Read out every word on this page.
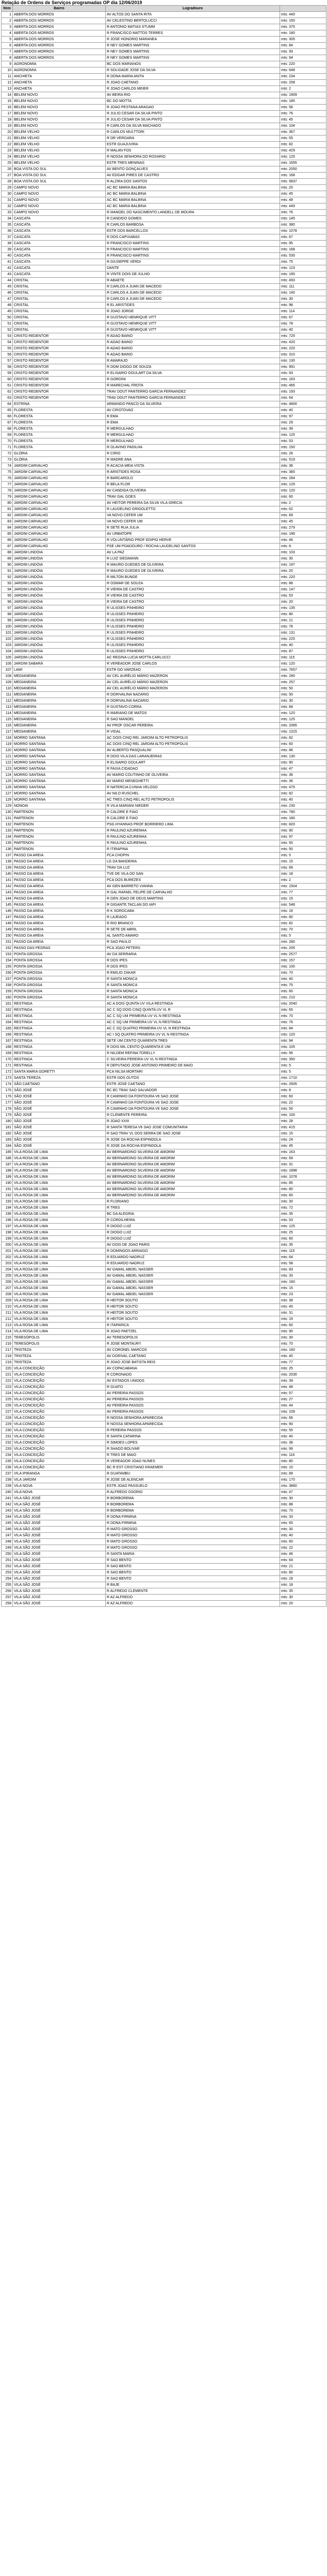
Relação de Ordens de Serviços programadas OP dia 12/06/2019
Item	Bairro	Logradouro	
1	ABERTA DOS MORROS	AV ALTOS DO SANTA RITA	mts: 440
2	ABERTA DOS MORROS	AV CELESTINO BERTOLUCCI	mts: 150
3	ABERTA DOS MORROS	R ANTONIO MATIAS STUMM	mts: 375
4	ABERTA DOS MORROS	R FRANCISCO MATTOS TERRES	mts: 180
5	ABERTA DOS MORROS	R JOSE HONORIO MARANEA	mts: 305
6	ABERTA DOS MORROS	R NEY GOMES MARTINS	mts: 84
7	ABERTA DOS MORROS	R NEY GOMES MARTINS	mts: 93
8	ABERTA DOS MORROS	R NEY GOMES MARTINS	mts: 94
9	AGRONOMIA	BC DOS MARIANOS	mts: 220
10	AGRONOMIA	R SOLIDADE JOSE DA SILVA	mts: 648
11	ANCHIETA	R DONA MARIA ANITA	mts: 234
12	ANCHIETA	R JOAO CAETANO	mts: 208
13	ANCHIETA	R JOAO CARLOS MEIER	mts: 2
14	BELEM NOVO	AV BEIRA RIO	mts: 1909
15	BELEM NOVO	BC DO MOTTA	mts: 185
16	BELEM NOVO	R JOAO PESTANA ARAGAO	mts: 58
17	BELEM NOVO	R JULIO CESAR DA SILVA PINTO	mts: 76
18	BELEM NOVO	R JULIO CESAR DA SILVA PINTO	mts: 45
19	BELEM NOVO	R CARLOS DA SILVA MACHADO	mts: 104
20	BELEM VELHO	R CARLOS MULTTORI	mts: 367
21	BELEM VELHO	R DR VERGARA	mts: 55
22	BELEM VELHO	ESTR GUAJUVIRA	mts: 82
23	BELEM VELHO	R MALAN FOS	mts: 429
24	BELEM VELHO	R NOSSA SENHORA DO ROSARIO	mts: 125
25	BELEM VELHO	ESTR TRES MENINAS	mts: 1655
26	BOA VISTA DO SUL	AV BENTO GONÇALVES	mts: 2050
27	BOA VISTA DO SUL	AV EDGAR PIRES DE CASTRO	mts: 168
28	BOA VISTA DO SUL	R ALZIRA DOS SANTOS	mts: 5837
29	CAMPO NOVO	AC BC MARIA BALBINA	mts: 20
30	CAMPO NOVO	AC BC MARIA BALBINA	mts: 45
31	CAMPO NOVO	AC BC MARIA BALBINA	mts: 48
32	CAMPO NOVO	AC BC MARIA BALBINA	mts: 449
33	CAMPO NOVO	R MANOEL DO NASCIMENTO LANDELL DE MOURA	mts: 76
34	CASCATA	R CANDIDO GOMES	mts: 145
35	CASCATA	R CARLOS BARBOSA	mts: 380
36	CASCATA	ESTR DOS BARCELLOS	mts: 1078
37	CASCATA	R DOS CAPIXABAS	mts: 67
38	CASCATA	R FRANCISCO MARTINS	mts: 95
39	CASCATA	R FRANCISCO MARTINS	mts: 168
40	CASCATA	R FRANCISCO MARTINS	mts: 530
41	CASCATA	R GIUSEPPE VERDI	mts: 75
42	CASCATA	DANTE	mts: 123
43	CASCATA	R VINTE DOIS DE JULHO	mts: 190
44	CRISTAL	R ABAETE	mts: 493
45	CRISTAL	R CARLOS A JUAN DE MACEDO	mts: 111
46	CRISTAL	R CARLOS A JUAN DE MACEDO	mts: 140
47	CRISTAL	R CARLOS A JUAN DE MACEDO	mts: 30
48	CRISTAL	R EL ARISTIDES	mts: 98
49	CRISTAL	R JOAO JORGE	mts: 114
50	CRISTAL	R GUSTAVO HENRIQUE VITT	mts: 67
51	CRISTAL	R GUSTAVO HENRIQUE VITT	mts: 78
52	CRISTAL	R GUSTAVO HENRIQUE VITT	mts: 40
53	CRISTO REDENTOR	R ADAO BAINO	mts: 725
54	CRISTO REDENTOR	R ADAO BAINO	mts: 420
55	CRISTO REDENTOR	R ADAO BAINO	mts: 220
56	CRISTO REDENTOR	R ADAO BAINO	mts: 310
57	CRISTO REDENTOR	R AMARAJO	mts: 130
58	CRISTO REDENTOR	R DOM DIOGO DE SOUZA	mts: 991
59	CRISTO REDENTOR	R ELISARIO GOULART DA SILVA	mts: 93
60	CRISTO REDENTOR	R GORDINI	mts: 163
61	CRISTO REDENTOR	R MARECHAL FROTA	mts: 465
62	CRISTO REDENTOR	TRAV DOUT PANTERRO GARCIA FERNANDEZ	mts: 193
63	CRISTO REDENTOR	TRAV DOUT PANTERRO GARCIA FERNANDEZ	mts: 64
64	ESTRINA	ARMANDO PANCO DA SILVEIRA	mts: 4800
65	FLORESTA	AV CRISTOVAO	mts: 40
66	FLORESTA	R EMA	mts: 97
67	FLORESTA	R EMA	mts: 29
68	FLORESTA	R MERGULHAO	mts: 39
69	FLORESTA	R MERGULHAO	mts: 125
70	FLORESTA	R MERGULHAO	mts: 53
71	FLORESTA	R OLAVINO PADILHA	mts: 150
72	GLÓRIA	R CIRIO	mts: 26
73	GLÓRIA	R MADRE ANA	mts: 519
74	JARDIM CARVALHO	R ACACIA MEIA VISTA	mts: 36
75	JARDIM CARVALHO	R ARISTIDES ROSA	mts: 365
76	JARDIM CARVALHO	R BARCAROLO	mts: 284
77	JARDIM CARVALHO	R BELA FLOR	mts: 129
78	JARDIM CARVALHO	AV CANDIDA OLIVEIRA	mts: 120
79	JARDIM CARVALHO	TRAV GAL GOES	mts: 60
80	JARDIM CARVALHO	AV HEITOR PEREIRA DA SILVA VILA GRECIA	mts: 2
81	JARDIM CARVALHO	R LAUDELINO GRIGOLETTO	mts: 62
82	JARDIM CARVALHO	VA NOVO CEFER UM	mts: 69
83	JARDIM CARVALHO	VA NOVO CEFER UM	mts: 45
84	JARDIM CARVALHO	R SETE RUA JULIA	mts: 279
85	JARDIM CARVALHO	AV URBATOPE	mts: 196
86	JARDIM CARVALHO	R VOLUNTÁRIO PROF EDIPIO HERVE	mts: 46
87	JARDIM CARVALHO	PSE UM POADOURO / ROCHA LAUDELINO SANTOS	mts: 8
88	JARDIM LINDÓIA	AV LA PAZ	mts: 103
89	JARDIM LINDÓIA	R LUIZ SIEGMANN	mts: 30
90	JARDIM LINDÓIA	R MAURO GUEDES DE OLIVEIRA	mts: 197
91	JARDIM LINDÓIA	R MAURO GUEDES DE OLIVEIRA	mts: 20
92	JARDIM LINDÓIA	R MILTON BUNGE	mts: 220
93	JARDIM LINDÓIA	R OSMAR DE SOUZA	mts: 88
94	JARDIM LINDÓIA	R VIEIRA DE CASTRO	mts: 147
95	JARDIM LINDÓIA	R VIEIRA DE CASTRO	mts: 53
96	JARDIM LINDÓIA	R VIEIRA DE CASTRO	mts: 20
97	JARDIM LINDÓIA	R ULISSES PINHEIRO	mts: 135
98	JARDIM LINDÓIA	R ULISSES PINHEIRO	mts: 80
99	JARDIM LINDÓIA	R ULISSES PINHEIRO	mts: 21
100	JARDIM LINDÓIA	R ULISSES PINHEIRO	mts: 78
101	JARDIM LINDÓIA	R ULISSES PINHEIRO	mts: 131
102	JARDIM LINDÓIA	R ULISSES PINHEIRO	mts: 225
103	JARDIM LINDÓIA	R ULISSES PINHEIRO	mts: 40
104	JARDIM LINDÓIA	R ULISSES PINHEIRO	mts: 87
105	JARDIM LINDÓIA	AC REGINA LUCIA MOTTA CARLUCCI	mts: 115
106	JARDIM SABARÁ	R VEREADOR JOSE CARLOS	mts: 120
107	LAMI	ESTR DO VARZEAO	mts: 7657
108	MEDIANEIRA	AV CEL AURÉLIO MÁRIO MAZERON	mts: 290
109	MEDIANEIRA	AV CEL AURÉLIO MÁRIO MAZERON	mts: 257
110	MEDIANEIRA	AV CEL AURÉLIO MÁRIO MAZERON	mts: 50
111	MEDIANEIRA	R DORIVALINA NAZARIO	mts: 50
112	MEDIANEIRA	R DORIVALINA NAZARIO	mts: 30
113	MEDIANEIRA	R GUSTAVO CORRA	mts: 84
114	MEDIANEIRA	R MARIANO DE MATOS	mts: 120
115	MEDIANEIRA	R SAO MANOEL	mts: 125
116	MEDIANEIRA	AV PROF OSCAR PEREIRA	mts: 2065
117	MEDIANEIRA	R VIDAL	mts: 1315
118	MORRO SANTANA	AC DOIS CINQ REL JARDIM ALTO PETROPOLIS	mts: 82
119	MORRO SANTANA	AC DOIS CINQ REL JARDIM ALTO PETROPOLIS	mts: 60
120	MORRO SANTANA	AV ALBERTO PASQUALINI	mts: 86
121	MORRO SANTANA	R DOIS VILA DAS LARANJEIRAS	mts: 130
122	MORRO SANTANA	R ELISARIO GOULART	mts: 90
123	MORRO SANTANA	R FAIXA CIDADAO	mts: 47
124	MORRO SANTANA	AV MARIO COUTINHO DE OLIVEIRA	mts: 36
125	MORRO SANTANA	AV MARIO MENEGHETTI	mts: 36
126	MORRO SANTANA	R NATERCIA CUNHA VELOSO	mts: 475
127	MORRO SANTANA	AV NILO RUSCHEL	mts: 82
128	MORRO SANTANA	AC TRES CINQ REL ALTO PETROPOLIS	mts: 40
129	NONOAI	R VILA MARIANI NIEDER	mts: 230
130	PARTENON	R CALDRE E FIAO	mts: 780
131	PARTENON	R CALDRE E FIAO	mts: 180
132	PARTENON	PSG HYANNAS PROF BORRIERO LIMA	mts: 820
133	PARTENON	R PAULINO AZURENHA	mts: 90
134	PARTENON	R PAULINO AZURENHA	mts: 97
135	PARTENON	R PAULINO AZURENHA	mts: 50
136	PARTENON	R ITIRAPINA	mts: 50
137	PASSO DA AREIA	PCA CHOPIN	mts: 5
138	PASSO DA AREIA	LG DA BANDEIRA	mts: 15
139	PASSO DA AREIA	TRAV DA LUZ	mts: 69
140	PASSO DA AREIA	TVE DE VILA DO SAN	mts: 18
141	PASSO DA AREIA	PCA DOS BUREZES	mts: 2
142	PASSO DA AREIA	AV GEN BARRETO VIANNA	mts: 1504
143	PASSO DA AREIA	R GAL RAFAEL FELIPE DE CARVALHO	mts: 77
144	PASSO DA AREIA	R GEN JOAO DE DEUS MARTINS	mts: 15
145	PASSO DA AREIA	R GIGANTE TACLAN DO IAPI	mts: 548
146	PASSO DA AREIA	R K SOROCABA	mts: 16
147	PASSO DA AREIA	R LAJEADO	mts: 80
148	PASSO DA AREIA	R RIO BRANCO	mts: 82
149	PASSO DA AREIA	R SETE DE ABRIL	mts: 70
150	PASSO DA AREIA	AL SANTO AMARO	mts: 5
151	PASSO DA AREIA	R SAO PAULO	mts: 280
152	PASSO DAS PEDRAS	PCA JOAO PETERS	mts: 205
153	PONTA GROSSA	AV DA SERRARIA	mts: 2577
154	PONTA GROSSA	R DOS IPES	mts: 157
155	PONTA GROSSA	R DOS IPES	mts: 100
156	PONTA GROSSA	R EMILIO ZAKAR	mts: 70
157	PONTA GROSSA	R SANTA MONICA	mts: 40
158	PONTA GROSSA	R SANTA MONICA	mts: 75
159	PONTA GROSSA	R SANTA MONICA	mts: 60
160	PONTA GROSSA	R SANTA MONICA	mts: 210
161	RESTINGA	AC A DOIS QUINTA UV VILA RESTINGA	mts: 2040
162	RESTINGA	AC C SQ DOIS CINQ QUINTA UV VL R	mts: 65
163	RESTINGA	AC C SQ UM PRIMEIRA UV VL N RESTINGA	mts: 70
164	RESTINGA	AC C SQ UM PRIMEIRA UV VL N RESTINGA	mts: 76
165	RESTINGA	AC C SQ QUATRO PRIMEIRA UV VL N RESTINGA	mts: 84
166	RESTINGA	AC I SQ QUATRO PRIMEIRA UV VL N RESTINGA	mts: 120
167	RESTINGA	SETE UM CENTO QUARENTA TRES	mts: 94
168	RESTINGA	R DOIS MIL CENTO QUARENTA E UM	mts: 105
169	RESTINGA	R NILDEM REFINA TORELLY	mts: 95
170	RESTINGA	C SILVEIRA PEREIRA UV VL N RESTINGA	mts: 350
171	RESTINGA	R DEPUTADO JOSE ANTONIO PRIMEIRO DE MAIO	mts: 5
172	SANTA MARIA GORETTI	PCA NILSA MORTARI	mts: 5
173	SANTA TEREZA	ESTR DOS OUTOS	mts: 1710
174	SÃO CAETANO	ESTR JOSE CAETANO	mts: 2605
175	SÃO JOSÉ	BC BC TRAV SAO SALVADOR	mts: 8
176	SÃO JOSÉ	R CAMINHO DA FONTOURA V6 SAO JOSE	mts: 60
177	SÃO JOSÉ	R CAMINHO DA FONTOURA V6 SAO JOSE	mts: 22
178	SÃO JOSÉ	R CAMINHO DA FONTOURA V6 SAO JOSE	mts: 50
179	SÃO JOSÉ	R CLEMENTE PEREIRA	mts: 100
180	SÃO JOSÉ	R JOAO XXIII	mts: 28
181	SÃO JOSÉ	R SANTA TERESA V6 SAO JOSE COMUNITARIA	mts: 415
182	SÃO JOSÉ	R SAO TRAV VL DOS SERRA DE SAO JOSE	mts: 15
183	SÃO JOSÉ	R JOSE DA ROCHA ESPINDOLA	mts: 24
184	SÃO JOSÉ	R JOSE DA ROCHA ESPINDOLA	mts: 45
185	VILA ROSA DE LIMA	AV BERNARDINO SILVEIRA DE AMORIM	mts: 163
186	VILA ROSA DE LIMA	AV BERNARDINO SILVEIRA DE AMORIM	mts: 69
187	VILA ROSA DE LIMA	AV BERNARDINO SILVEIRA DE AMORIM	mts: 31
188	VILA ROSA DE LIMA	AV BERNARDINO SILVEIRA DE AMORIM	mts: 1898
189	VILA ROSA DE LIMA	AV BERNARDINO SILVEIRA DE AMORIM	mts: 1078
190	VILA ROSA DE LIMA	AV BERNARDINO SILVEIRA DE AMORIM	mts: 85
191	VILA ROSA DE LIMA	AV BERNARDINO SILVEIRA DE AMORIM	mts: 80
192	VILA ROSA DE LIMA	AV BERNARDINO SILVEIRA DE AMORIM	mts: 60
193	VILA ROSA DE LIMA	R FLORIANO	mts: 30
194	VILA ROSA DE LIMA	R TRES	mts: 72
195	VILA ROSA DE LIMA	BC DA ALEGRIA	mts: 35
196	VILA ROSA DE LIMA	R CORDILHEIRA	mts: 53
197	VILA ROSA DE LIMA	R DIOGO LUIZ	mts: 125
198	VILA ROSA DE LIMA	R DIOGO LUIZ	mts: 25
199	VILA ROSA DE LIMA	R DIOGO LUIZ	mts: 60
200	VILA ROSA DE LIMA	AV DOIS DE JOAO PARIS	mts: 35
201	VILA ROSA DE LIMA	R DOMINGOS ARRAIGO	mts: 115
202	VILA ROSA DE LIMA	R EDUARDO NADRUZ	mts: 64
203	VILA ROSA DE LIMA	R EDUARDO NADRUZ	mts: 58
204	VILA ROSA DE LIMA	AV GAMAL ABDEL NASSER	mts: 83
205	VILA ROSA DE LIMA	AV GAMAL ABDEL NASSER	mts: 33
206	VILA ROSA DE LIMA	AV GAMAL ABDEL NASSER	mts: 160
207	VILA ROSA DE LIMA	AV GAMAL ABDEL NASSER	mts: 15
208	VILA ROSA DE LIMA	AV GAMAL ABDEL NASSER	mts: 23
209	VILA ROSA DE LIMA	R HEITOR SOUTO	mts: 38
210	VILA ROSA DE LIMA	R HEITOR SOUTO	mts: 40
211	VILA ROSA DE LIMA	R HEITOR SOUTO	mts: 31
212	VILA ROSA DE LIMA	R HEITOR SOUTO	mts: 19
213	VILA ROSA DE LIMA	R ITAPARICA	mts: 60
214	VILA ROSA DE LIMA	R JOAO PAETZEL	mts: 90
215	TERESÓPOLIS	AV TERESOPOLIS	mts: 30
216	TERESÓPOLIS	R JOSE MONTAURY	mts: 70
217	TRISTEZA	AV CORONEL MARCOS	mts: 160
218	TRISTEZA	AV DORIVAL CAETANO	mts: 40
219	TRISTEZA	R JOAO JOSE BATISTA REIS	mts: 77
220	VILA CONCEIÇÃO	AV COPACABANA	mts: 25
221	VILA CONCEIÇÃO	R CORONADO	mts: 2030
222	VILA CONCEIÇÃO	AV ESTADOS UNIDOS	mts: 39
223	VILA CONCEIÇÃO	R GUATO	mts: 48
224	VILA CONCEIÇÃO	AV PEREIRA PASSOS	mts: 57
225	VILA CONCEIÇÃO	AV PEREIRA PASSOS	mts: 27
226	VILA CONCEIÇÃO	AV PEREIRA PASSOS	mts: 44
227	VILA CONCEIÇÃO	AV PEREIRA PASSOS	mts: 109
228	VILA CONCEIÇÃO	R NOSSA SENHORA APARECIDA	mts: 66
229	VILA CONCEIÇÃO	R NOSSA SENHORA APARECIDA	mts: 90
230	VILA CONCEIÇÃO	R PEREIRA PASSOS	mts: 55
231	VILA CONCEIÇÃO	R SANTA CATARINA	mts: 40
232	VILA CONCEIÇÃO	R SIMOES LOPES	mts: 38
233	VILA CONCEIÇÃO	R SHADO BOLIVAR	mts: 99
234	VILA CONCEIÇÃO	R TRES DE MAIO	mts: 116
235	VILA CONCEIÇÃO	R VEREADOR JOAO NUNES	mts: 80
236	VILA CONCEIÇÃO	BC R EST CRISTIANO KRAEMER	mts: 10
237	VILA IPIRANGA	R GUATAMBU	mts: 89
238	VILA JARDIM	R JOSE DE ALENCAR	mts: 170
239	VILA NOVA	ESTR JOAO PASSUELO	mts: 3860
240	VILA NOVA	R ALFREDO OSORIO	mts: 47
241	VILA SÃO JOSÉ	R BORBOREMA	mts: 30
242	VILA SÃO JOSÉ	R BORBOREMA	mts: 88
243	VILA SÃO JOSÉ	R BORBOREMA	mts: 70
244	VILA SÃO JOSÉ	R DONA FIRMINA	mts: 33
245	VILA SÃO JOSÉ	R DONA FIRMINA	mts: 65
246	VILA SÃO JOSÉ	R MATO GROSSO	mts: 30
247	VILA SÃO JOSÉ	R MATO GROSSO	mts: 40
248	VILA SÃO JOSÉ	R MATO GROSSO	mts: 60
249	VILA SÃO JOSÉ	R MATO GROSSO	mts: 22
250	VILA SÃO JOSÉ	R SANTA MARIA	mts: 46
251	VILA SÃO JOSÉ	R SAO BENTO	mts: 64
252	VILA SÃO JOSÉ	R SAO BENTO	mts: 21
253	VILA SÃO JOSÉ	R SAO BENTO	mts: 80
254	VILA SÃO JOSÉ	R SAO BENTO	mts: 18
255	VILA SÃO JOSÉ	R BAJE	mts: 18
256	VILA SÃO JOSÉ	R ALFREDO CLEMENTE	mts: 35
257	VILA SÃO JOSÉ	R AZ ALFREDO	mts: 30
258	VILA SÃO JOSÉ	R AZ ALFREDO	mts: 20
